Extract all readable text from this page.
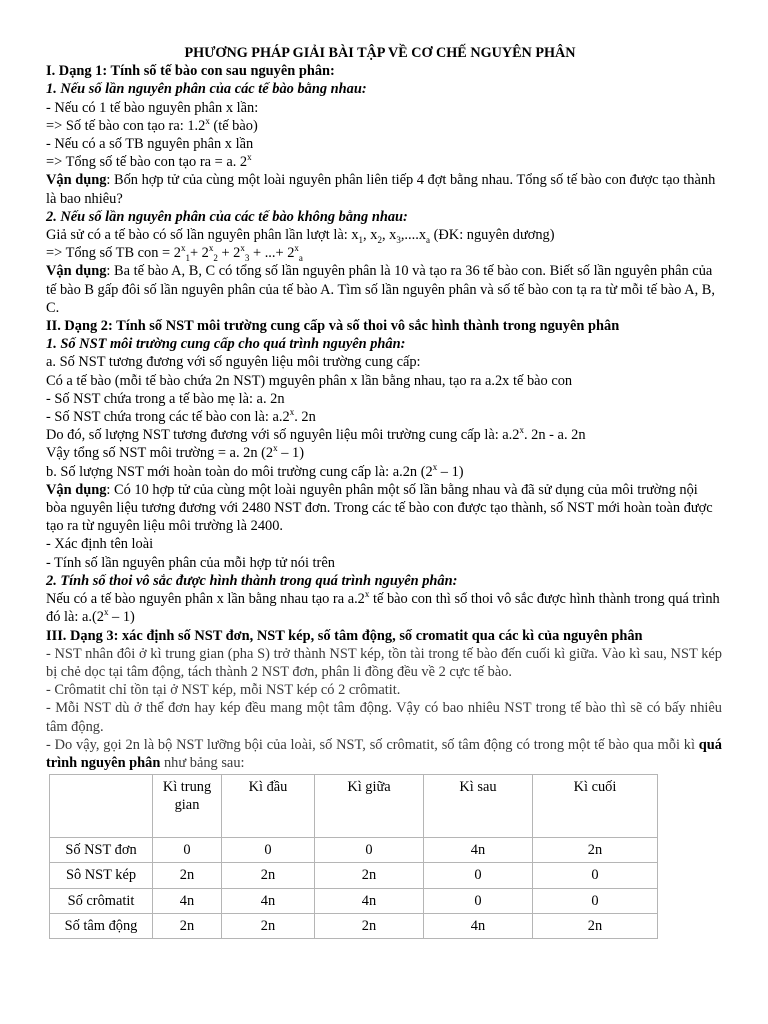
PHƯƠNG PHÁP GIẢI BÀI TẬP VỀ CƠ CHẾ NGUYÊN PHÂN

I. Dạng 1: Tính số tế bào con sau nguyên phân:

1. Nếu số lần nguyên phân của các tế bào bằng nhau:

- Nếu có 1 tế bào nguyên phân x lần:

=> Số tế bào con tạo ra: 1.2$^x$ (tế bào)

- Nếu có a số TB nguyên phân x lần

=> Tổng số tế bào con tạo ra = a. 2$^x$

Vận dụng: Bốn hợp tử của cùng một loài nguyên phân liên tiếp 4 đợt bằng nhau. Tổng số tế bào con được tạo thành là bao nhiêu?

2. Nếu số lần nguyên phân của các tế bào không bằng nhau:

Giả sử có a tế bào có số lần nguyên phân lần lượt là: $x_1$, $x_2$, $x_3,....x_a$ (ĐK: nguyên dương)

=> Tổng số TB con = $2^x_1+ 2^x_2 + 2^x_3$ + ...+ $2^x_a$

Vận dụng: Ba tế bào A, B, C có tổng số lần nguyên phân là 10 và tạo ra 36 tế bào con. Biết số lần nguyên phân của tế bào B gấp đôi số lần nguyên phân của tế bào A. Tìm số lần nguyên phân và số tế bào con tạ ra từ mỗi tế bào A, B, C.

II. Dạng 2: Tính số NST môi trường cung cấp và số thoi vô sắc hình thành trong nguyên phân

1. Số NST môi trường cung cấp cho quá trình nguyên phân:

a. Số NST tương đương với số nguyên liệu môi trường cung cấp:

Có a tế bào (mỗi tế bào chứa 2n NST) mguyên phân x lần bằng nhau, tạo ra a.2x tế bào con

- Số NST chứa trong a tế bào mẹ là: a. 2n

- Số NST chứa trong các tế bào con là: a.2$^x$. 2n

Do đó, số lượng NST tương đương với số nguyên liệu môi trường cung cấp là: a.2$^x$. 2n - a. 2n

Vậy tổng số NST môi trường = a. 2n (2$^x$ – 1)

b. Số lượng NST mới hoàn toàn do môi trường cung cấp là: a.2n (2$^x$ – 1)

Vận dụng: Có 10 hợp tử của cùng một loài nguyên phân một số lần bằng nhau và đã sử dụng của môi trường nội bòa nguyên liệu tương đương với 2480 NST đơn. Trong các tế bào con được tạo thành, số NST mới hoàn toàn được tạo ra từ nguyên liệu môi trường là 2400.

- Xác định tên loài

- Tính số lần nguyên phân của mỗi hợp tử nói trên

2. Tính số thoi vô sắc được hình thành trong quá trình nguyên phân:

Nếu có a tế bào nguyên phân x lần bằng nhau tạo ra a.2$^x$ tế bào con thì số thoi vô sắc được hình thành trong quá trình đó là: a.(2$^x$ – 1)

III. Dạng 3: xác định số NST đơn, NST kép, số tâm động, số cromatit qua các kì của nguyên phân

- NST nhân đôi ở kì trung gian (pha S) trở thành NST kép, tồn tài trong tế bào đến cuối kì giữa. Vào kì sau, NST kép bị chẻ dọc tại tâm động, tách thành 2 NST đơn, phân li đồng đều về 2 cực tế bào.

- Crômatit chỉ tồn tại ở NST kép, mỗi NST kép có 2 crômatit.

- Mỗi NST dù ở thể đơn hay kép đều mang một tâm động. Vậy có bao nhiêu NST trong tế bào thì sẽ có bấy nhiêu tâm động.

- Do vậy, gọi 2n là bộ NST lưỡng bội của loài, số NST, số crômatit, số tâm động có trong một tế bào qua mỗi kì quá trình nguyên phân như bảng sau:

	Kì trung gian	Kì đầu	Kì giữa	Kì sau	Kì cuối
Số NST đơn	0	0	0	4n	2n
Sô NST kép	2n	2n	2n	0	0
Số crômatit	4n	4n	4n	0	0
Số tâm động	2n	2n	2n	4n	2n
